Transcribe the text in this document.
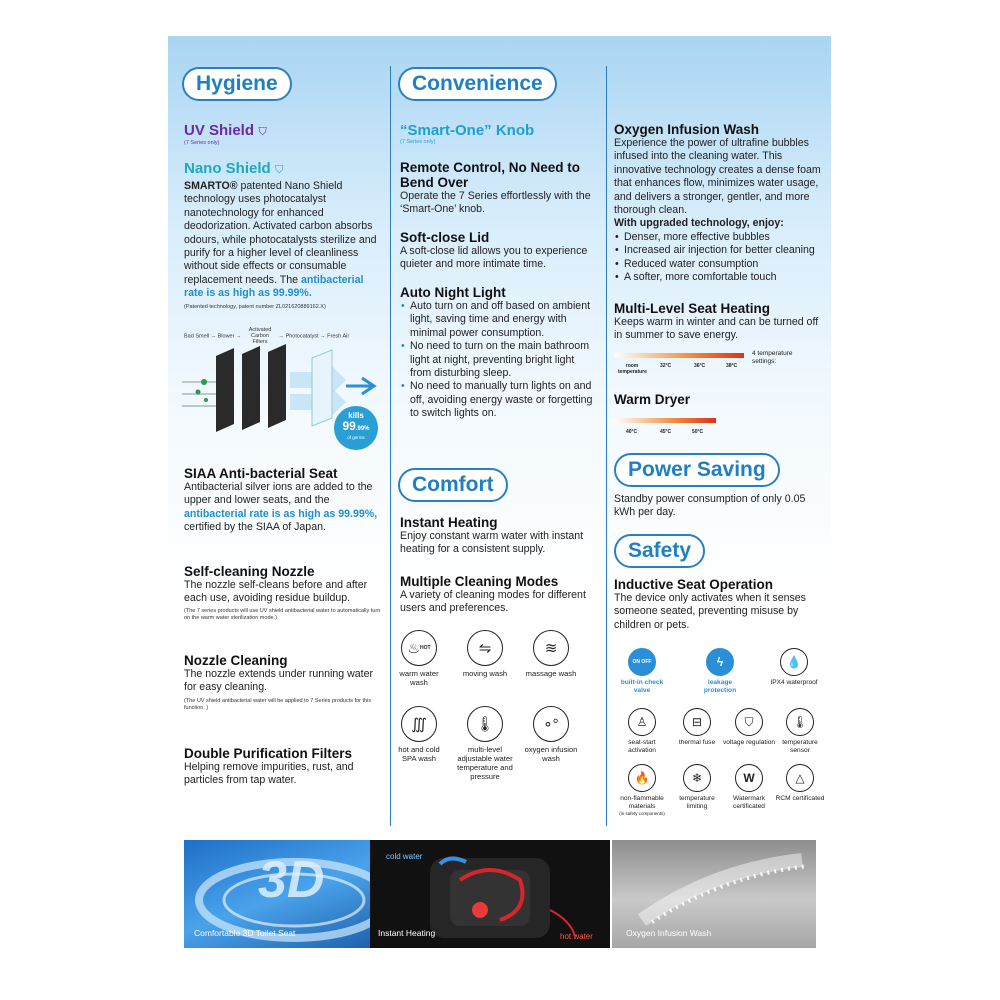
Hygiene
UV Shield ⛉
(7 Series only)
Nano Shield ⛉
SMARTO® patented Nano Shield technology uses photocatalyst nanotechnology for enhanced deodorization. Activated carbon absorbs odours, while photocatalysts sterilize and purify for a higher level of cleanliness without side effects or consumable replacement needs. The antibacterial rate is as high as 99.99%.
(Patented technology, patent number ZL021620889162.X)
Bad Smell → Blower → Activated Carbon Filters → Photocatalyst → Fresh Air
kills
99.99%
of germs
SIAA Anti-bacterial Seat
Antibacterial silver ions are added to the upper and lower seats, and the antibacterial rate is as high as 99.99%, certified by the SIAA of Japan.
Self-cleaning Nozzle
The nozzle self-cleans before and after each use, avoiding residue buildup.
(The 7 series products will use UV shield antibacterial water to automatically turn on the warm water sterilization mode.)
Nozzle Cleaning
The nozzle extends under running water for easy cleaning.
(The UV shield antibacterial water will be applied to 7 Series products for this function. )
Double Purification Filters
Helping remove impurities, rust, and particles from tap water.
Convenience
“Smart-One” Knob
(7 Series only)
Remote Control, No Need to Bend Over
Operate the 7 Series effortlessly with the ‘Smart-One’ knob.
Soft-close Lid
A soft-close lid allows you to experience quieter and more intimate time.
Auto Night Light
• Auto turn on and off based on ambient light, saving time and energy with minimal power consumption.
• No need to turn on the main bathroom light at night, preventing bright light from disturbing sleep.
• No need to manually turn lights on and off, avoiding energy waste or forgetting to switch lights on.
Comfort
Instant Heating
Enjoy constant warm water with instant heating for a consistent supply.
Multiple Cleaning Modes
A variety of cleaning modes for different users and preferences.
♨ HOT
warm water wash
⇋
moving wash
≋
massage wash
∭
hot and cold SPA wash
🌡
multi-level adjustable water temperature and pressure
∘°
oxygen infusion wash
Oxygen Infusion Wash
Experience the power of ultrafine bubbles infused into the cleaning water. This innovative technology creates a dense foam that enhances flow, minimizes water usage, and delivers a stronger, gentler, and more thorough clean.
With upgraded technology, enjoy:
• Denser, more effective bubbles
• Increased air injection for better cleaning
• Reduced water consumption
• A softer, more comfortable touch
Multi-Level Seat Heating
Keeps warm in winter and can be turned off in summer to save energy.
room temperature
32°C	36°C	38°C
4 temperature settings:
Warm Dryer
40°C	45°C	50°C
Power Saving
Standby power consumption of only 0.05 kWh per day.
Safety
Inductive Seat Operation
The device only activates when it senses someone seated, preventing misuse by children or pets.
ON OFF
built-in check valve
ϟ
leakage protection
💧
IPX4 waterproof
♙
seat-start activation
⊟
thermal fuse
⛉
voltage regulation
🌡
temperature sensor
🔥
non-flammable materials
(in safety components)
❄
temperature limiting
W
Watermark certificated
△
RCM certificated
3D
Comfortable 3D Toilet Seat
cold water
hot water
Instant Heating	Oxygen Infusion Wash
